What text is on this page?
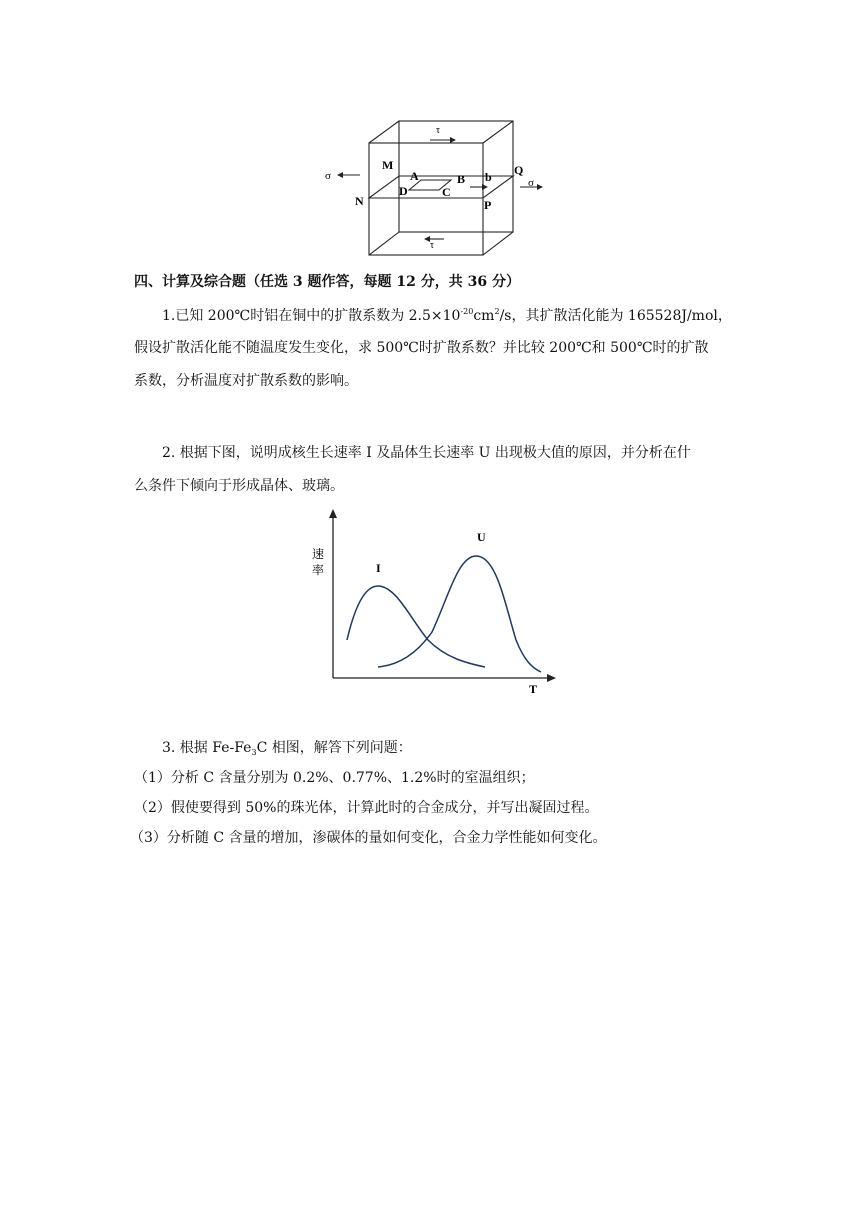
τ
τ
σ
σ
M
N
Q
P
A	B
C
D
b
四、计算及综合题（任选 3 题作答，每题 12 分，共 36 分）
1.已知 200℃时铝在铜中的扩散系数为 $2.5\times 10^{-20}cm^2/s$，其扩散活化能为 165528J/mol，
假设扩散活化能不随温度发生变化，求 500℃时扩散系数？并比较 200℃和 500℃时的扩散
系数，分析温度对扩散系数的影响。
2. 根据下图，说明成核生长速率 I 及晶体生长速率 U 出现极大值的原因，并分析在什
么条件下倾向于形成晶体、玻璃。
速
率
T
I
U
3. 根据 $Fe-Fe_3C$ 相图，解答下列问题：
（1）分析 C 含量分别为 0.2%、0.77%、1.2%时的室温组织；
（2）假使要得到 50%的珠光体，计算此时的合金成分，并写出凝固过程。
（3）分析随 C 含量的增加，渗碳体的量如何变化，合金力学性能如何变化。
